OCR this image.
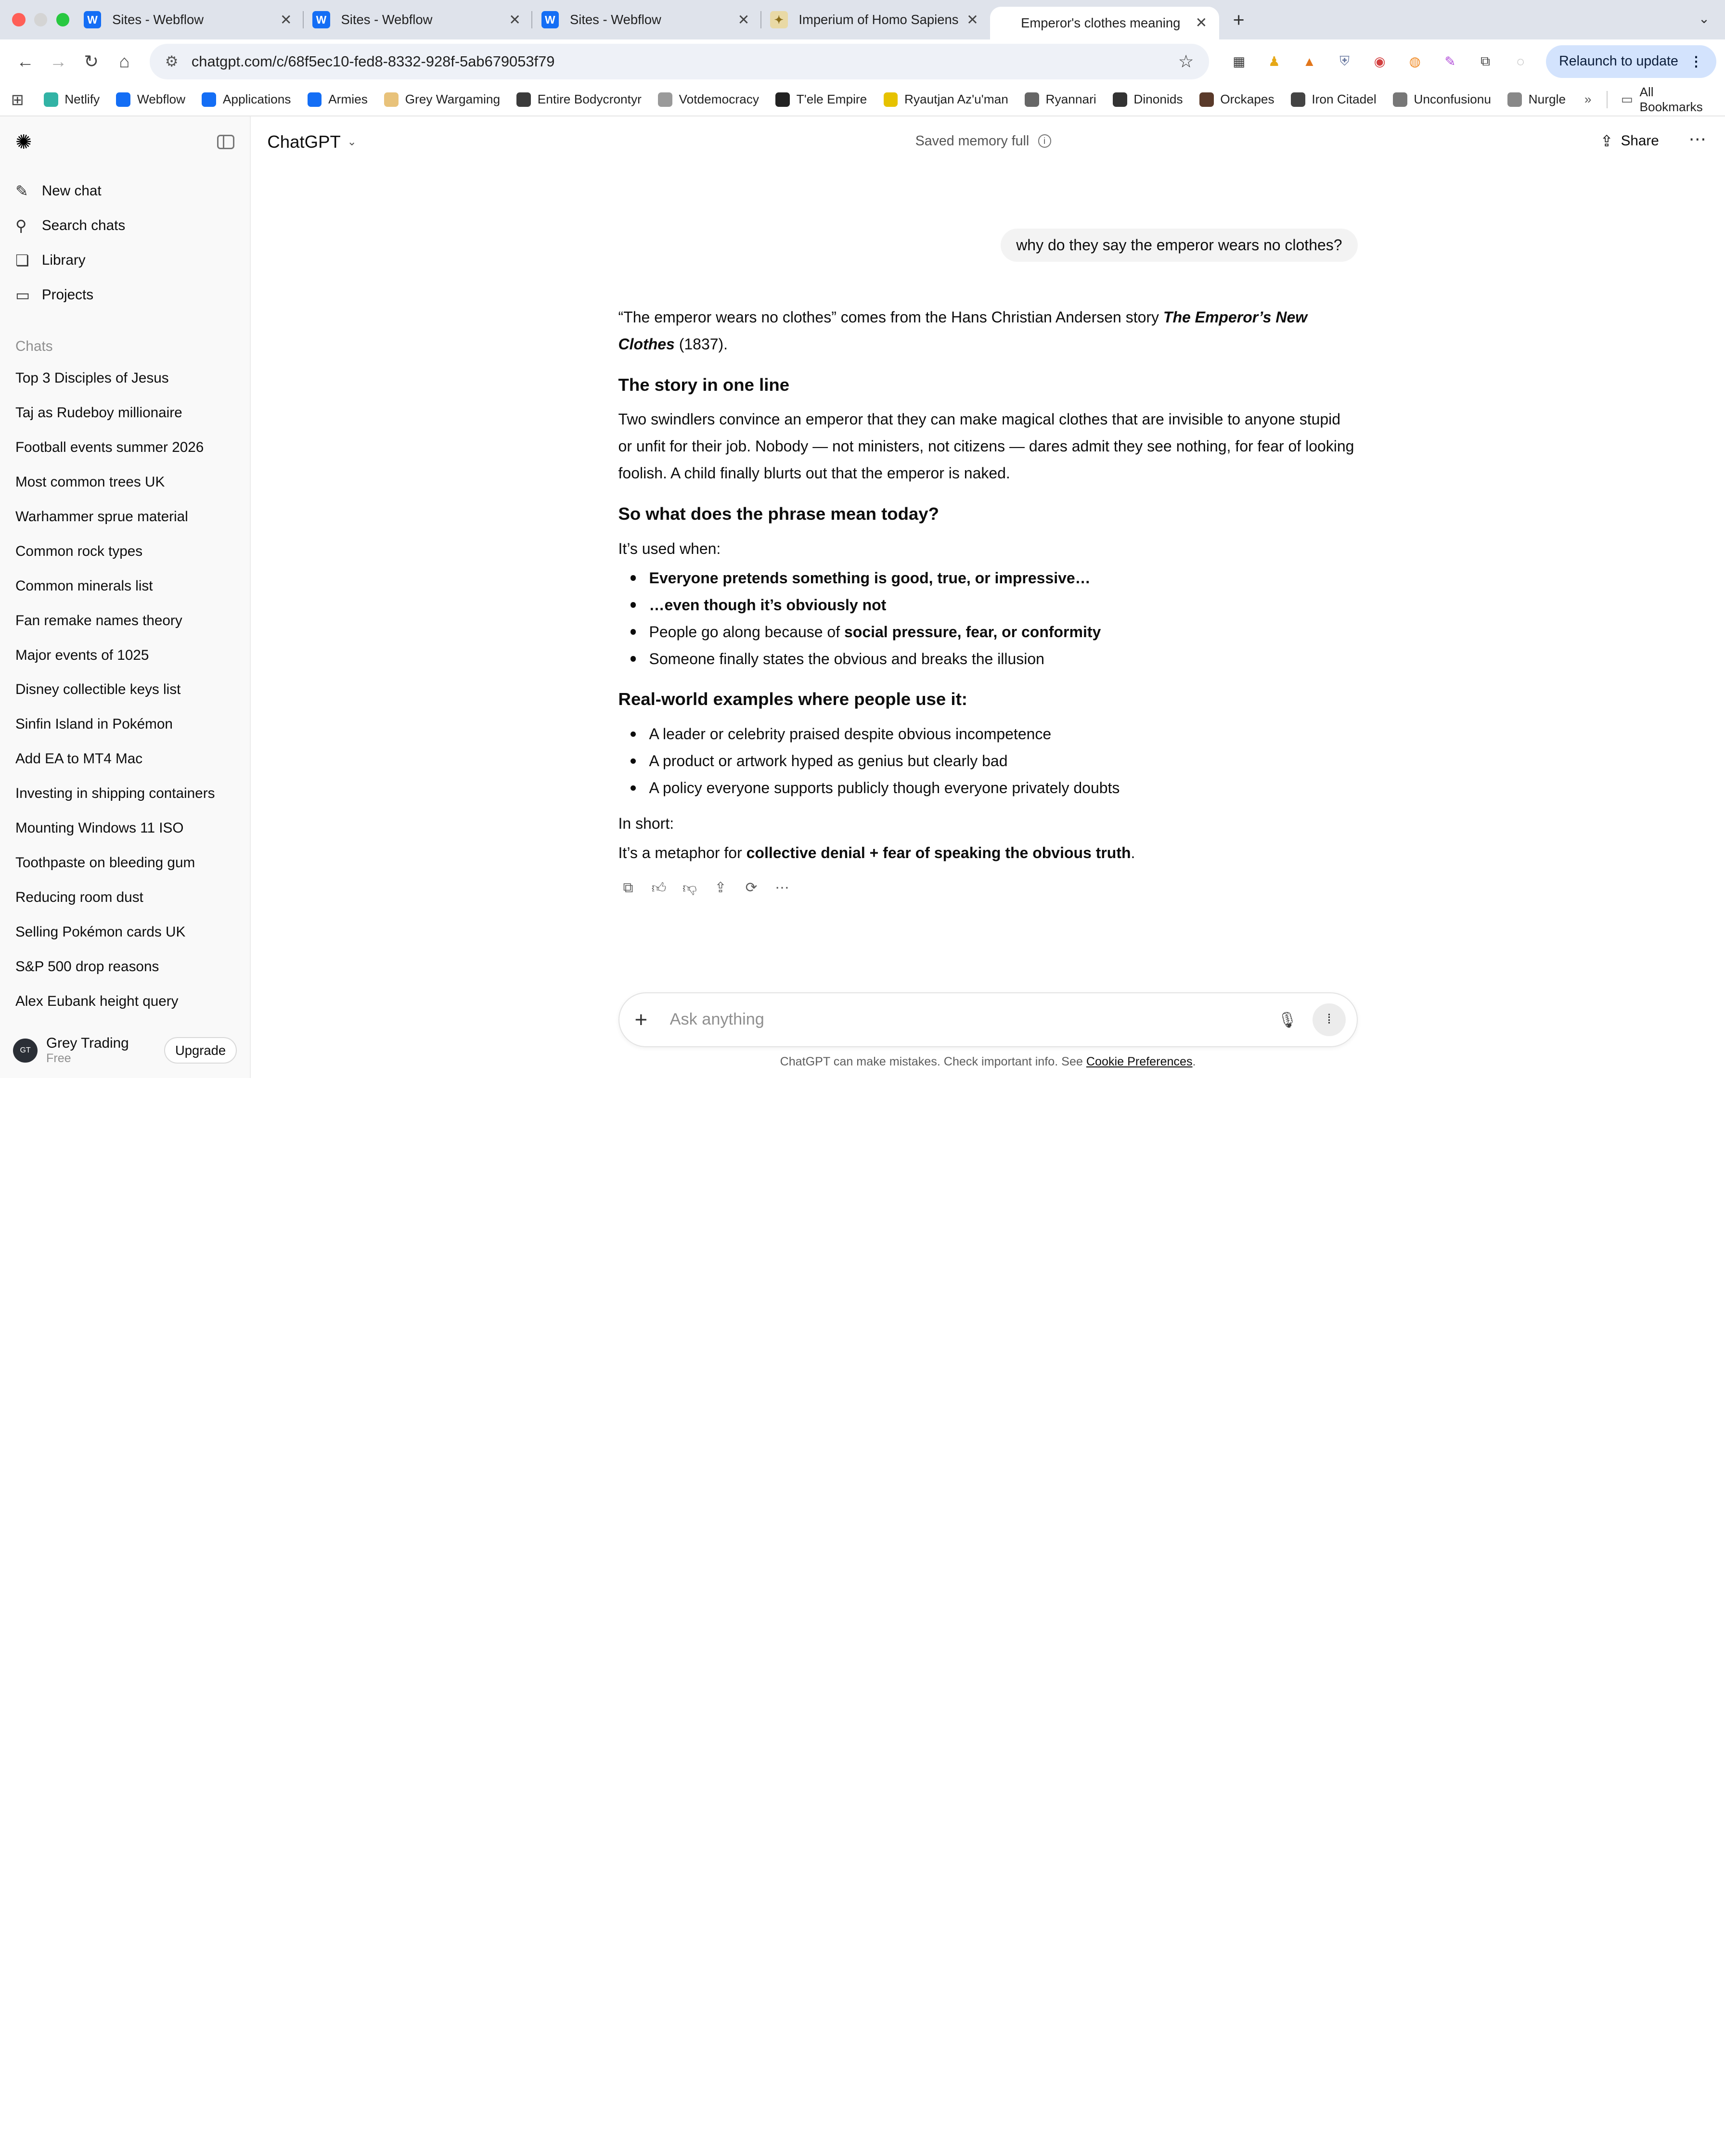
W	Sites - Webflow	✕	W	Sites - Webflow	✕	W	Sites - Webflow	✕	✦	Imperium of Homo Sapiens	✕	Emperor's clothes meaning	✕	+	⌄
←	→	↻	⌂	⚙ chatgpt.com/c/68f5ec10-fed8-8332-928f-5ab679053f79	☆	▦	♟	▲	⛨	◉	◍	✎	⧉	◌	Relaunch to update ⋮
⊞	Netlify	Webflow	Applications	Armies	Grey Wargaming	Entire Bodycrontyr	Votdemocracy	T'ele Empire	Ryautjan Az'u'man	Ryannari	Dinonids	Orckapes	Iron Citadel	Unconfusionu	Nurgle	»	▭
All Bookmarks
✺
✎	New chat
⚲	Search chats
❏	Library
▭	Projects
Chats
Top 3 Disciples of Jesus
Taj as Rudeboy millionaire
Football events summer 2026
Most common trees UK
Warhammer sprue material
Common rock types
Common minerals list
Fan remake names theory
Major events of 1025
Disney collectible keys list
Sinfin Island in Pokémon
Add EA to MT4 Mac
Investing in shipping containers
Mounting Windows 11 ISO
Toothpaste on bleeding gum
Reducing room dust
Selling Pokémon cards UK
S&P 500 drop reasons
Alex Eubank height query
GT	Grey Trading
Free
Upgrade
ChatGPT ⌄	Saved memory full	i	⇪ Share	⋯
why do they say the emperor wears no clothes?

“The emperor wears no clothes” comes from the Hans Christian Andersen story The Emperor’s New Clothes (1837).

The story in one line

Two swindlers convince an emperor that they can make magical clothes that are invisible to anyone stupid or unfit for their job. Nobody — not ministers, not citizens — dares admit they see nothing, for fear of looking foolish. A child finally blurts out that the emperor is naked.

So what does the phrase mean today?

It’s used when:

Everyone pretends something is good, true, or impressive…
…even though it’s obviously not
People go along because of social pressure, fear, or conformity
Someone finally states the obvious and breaks the illusion
Real-world examples where people use it:
A leader or celebrity praised despite obvious incompetence
A product or artwork hyped as genius but clearly bad
A policy everyone supports publicly though everyone privately doubts

In short:

It’s a metaphor for collective denial + fear of speaking the obvious truth.

⧉	👍︎	👎︎	⇪	⟳	⋯
+
Ask anything	🎙︎	⦙
ChatGPT can make mistakes. Check important info. See Cookie Preferences.
